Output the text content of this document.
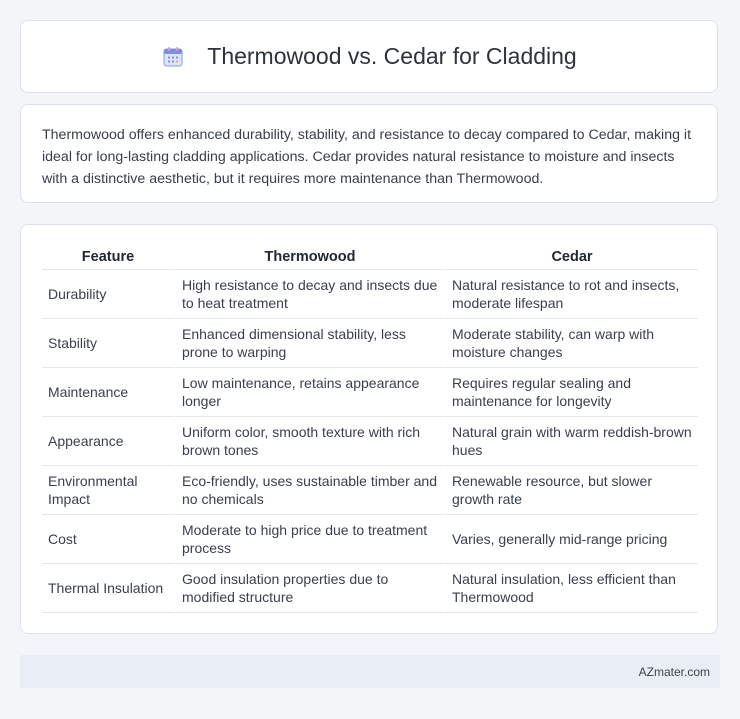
Thermowood vs. Cedar for Cladding

Thermowood offers enhanced durability, stability, and resistance to decay compared to Cedar, making it ideal for long-lasting cladding applications. Cedar provides natural resistance to moisture and insects with a distinctive aesthetic, but it requires more maintenance than Thermowood.

Feature	Thermowood	Cedar
Durability	High resistance to decay and insects due to heat treatment	Natural resistance to rot and insects, moderate lifespan
Stability	Enhanced dimensional stability, less prone to warping	Moderate stability, can warp with moisture changes
Maintenance	Low maintenance, retains appearance longer	Requires regular sealing and maintenance for longevity
Appearance	Uniform color, smooth texture with rich brown tones	Natural grain with warm reddish-brown hues
Environmental Impact	Eco-friendly, uses sustainable timber and no chemicals	Renewable resource, but slower growth rate
Cost	Moderate to high price due to treatment process	Varies, generally mid-range pricing
Thermal Insulation	Good insulation properties due to modified structure	Natural insulation, less efficient than Thermowood
AZmater.com
